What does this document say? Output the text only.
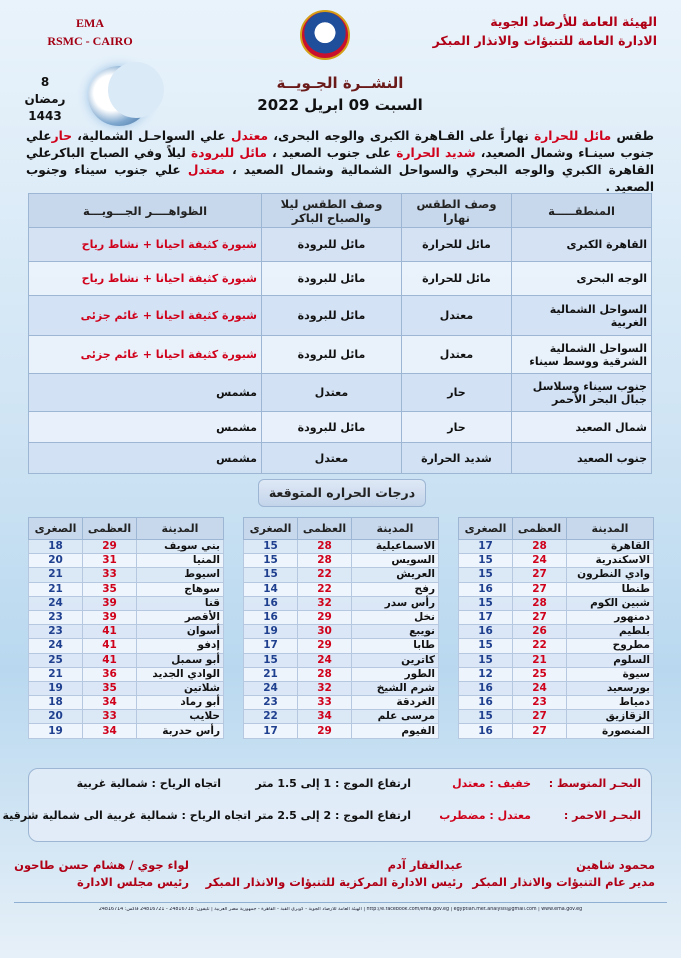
EMA
RSMC - CAIRO
الهيئة العامة للأرصاد الجوية
الادارة العامة للتنبؤات والانذار المبكر
8
رمضان
1443
النشــرة الجـويــة
السبت 09 ابريل 2022
طقس مائل للحرارة نهاراً على القـاهرة الكبرى والوجه البحرى، معتدل علي السواحـل الشمالية، حارعلي جنوب سينـاء وشمال الصعيد، شديد الحرارة على جنوب الصعيد ، مائل للبرودة ليلاً وفي الصباح الباكرعلي القاهرة الكبري والوجه البحري والسواحل الشمالية وشمال الصعيد ، معتدل علي جنوب سيناء وجنوب الصعيد .
المنطقـــــة	وصف الطقس نهارا	وصف الطقس ليلا والصباح الباكر	الظواهــــر الجـــويـــة
القاهرة الكبرى	مائل للحرارة	مائل للبرودة	شبورة كثيفة احيانا + نشاط رياح
الوجه البحرى	مائل للحرارة	مائل للبرودة	شبورة كثيفة احيانا + نشاط رياح
السواحل الشمالية الغربية	معتدل	مائل للبرودة	شبورة كثيفة احيانا + غائم جزئى
السواحل الشمالية الشرقية ووسط سيناء	معتدل	مائل للبرودة	شبورة كثيفة احيانا + غائم جزئى
جنوب سيناء وسلاسل جبال البحر الأحمر	حار	معتدل	مشمس
شمال الصعيد	حار	مائل للبرودة	مشمس
جنوب الصعيد	شديد الحرارة	معتدل	مشمس
درجات الحراره المتوقعة
المدينة	العظمى	الصغرى
القاهرة	28	17
الاسكندرية	24	15
وادي النطرون	27	15
طنطا	27	16
شبين الكوم	28	15
دمنهور	27	17
بلطيم	26	16
مطروح	22	15
السلوم	21	15
سيوة	25	12
بورسعيد	24	16
دمياط	23	16
الزقازيق	27	15
المنصورة	27	16
المدينة	العظمى	الصغرى
الاسماعيلية	28	15
السويس	28	15
العريش	22	15
رفح	22	14
رأس سدر	32	16
نخل	29	16
نويبع	30	19
طابا	29	17
كاترين	24	15
الطور	28	21
شرم الشيخ	32	24
الغردقة	33	23
مرسى علم	34	22
الفيوم	29	17
المدينة	العظمى	الصغرى
بني سويف	29	18
المنيا	31	20
اسيوط	33	21
سوهاج	35	21
قنا	39	24
الأقصر	39	23
أسوان	41	23
إدفو	41	24
أبو سمبل	41	25
الوادي الجديد	36	21
شلاتين	35	19
أبو رماد	34	18
حلايب	33	20
رأس حدربة	34	19
البحـر المتوسط :
خفيف : معتدل
ارتفاع الموج : 1 إلى 1.5 متر
اتجاه الرياح : شمالية غربية
البحـر الاحمر :
معتدل : مضطرب
ارتفاع الموج : 2 إلى 2.5 متر
اتجاه الرياح : شمالية غربية الى شمالية شرقية
محمود شاهين
مدير عام التنبؤات والانذار المبكر
عبدالغفار آدم
رئيس الادارة المركزية للتنبؤات والانذار المبكر
لواء جوي / هشام حسن طاحون
رئيس مجلس الادارة
http://e.facebook.com/ema.gov.eg | egyptian.met.analysis@gmail.com | www.ema.gov.eg | الهيئة العامة للأرصاد الجوية - كوبري القبة - القاهرة - جمهورية مصر العربية | تليفون: 24816718 - 24816721 فاكس: 24816714
